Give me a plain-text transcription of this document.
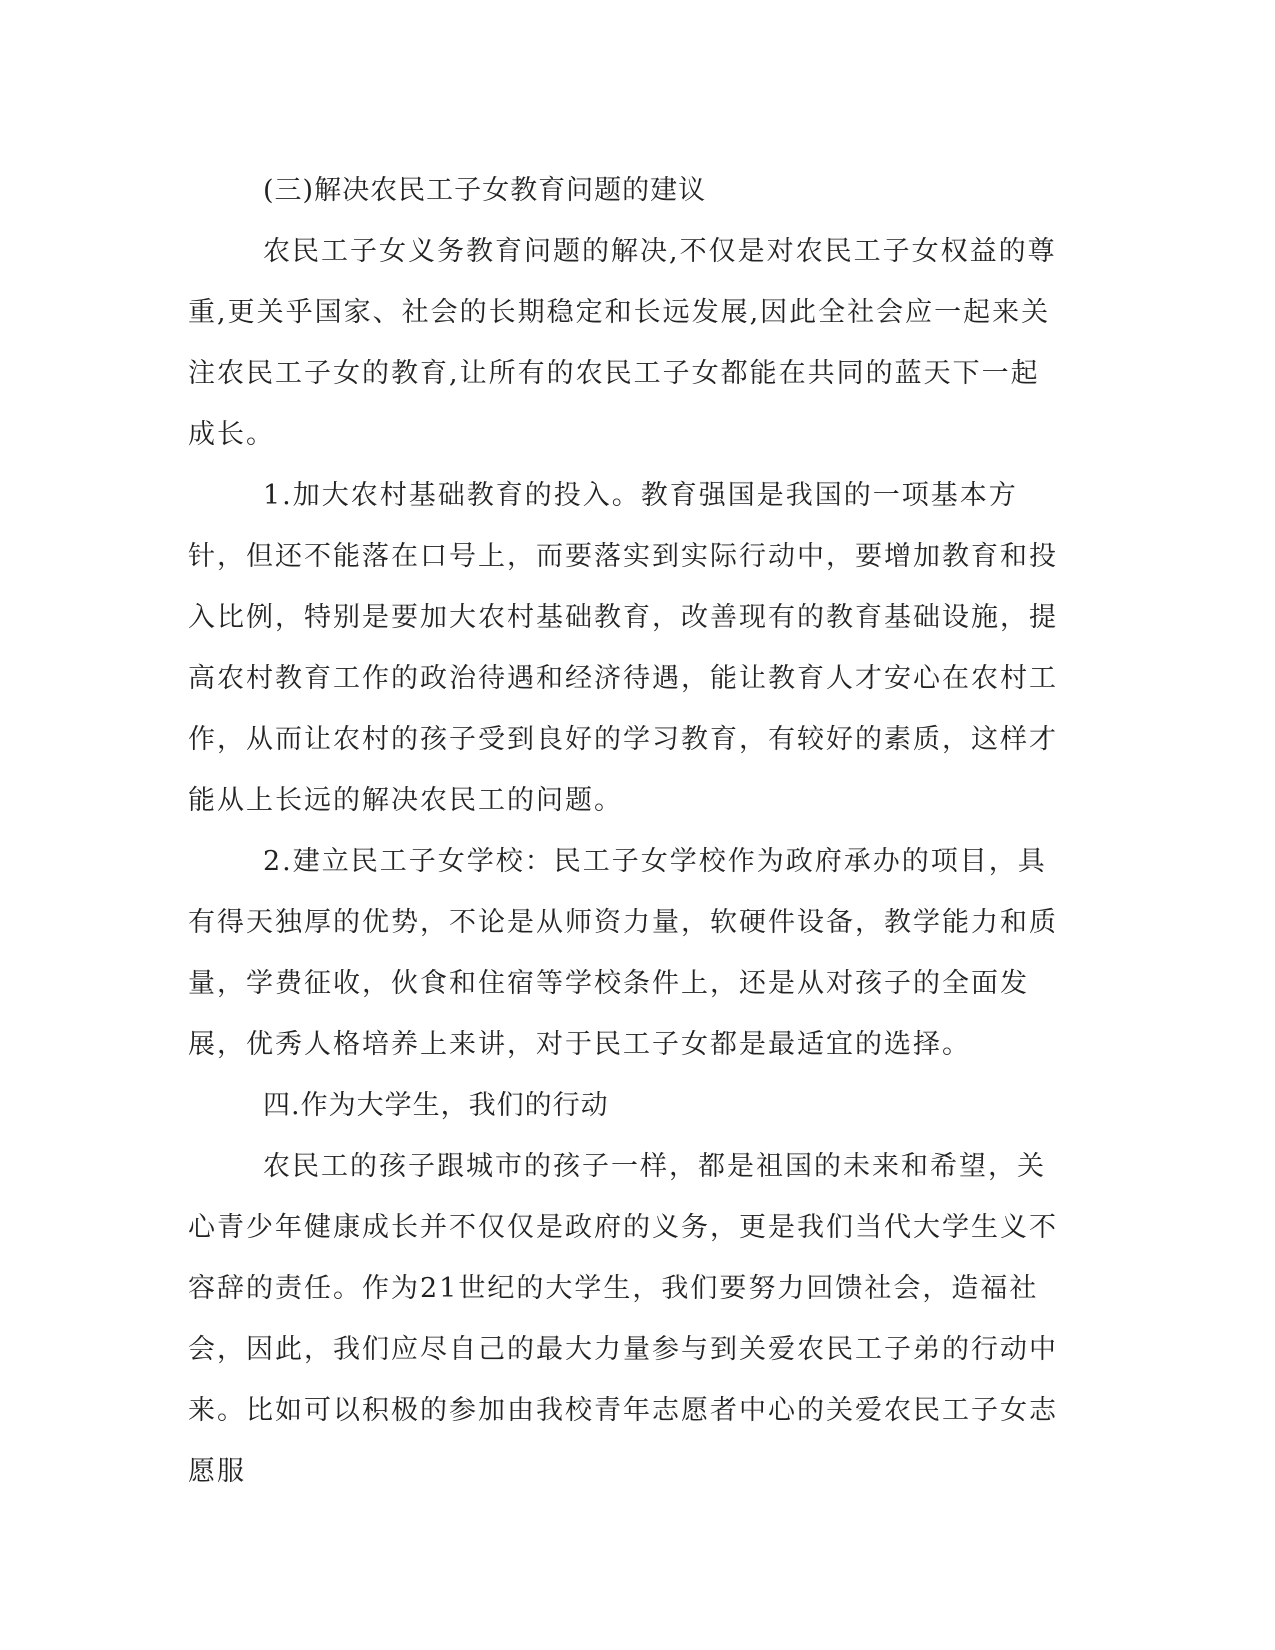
(三)解决农民工子女教育问题的建议

农民工子女义务教育问题的解决,不仅是对农民工子女权益的尊重,更关乎国家、社会的长期稳定和长远发展,因此全社会应一起来关注农民工子女的教育,让所有的农民工子女都能在共同的蓝天下一起成长。

1.加大农村基础教育的投入。教育强国是我国的一项基本方针，但还不能落在口号上，而要落实到实际行动中，要增加教育和投入比例，特别是要加大农村基础教育，改善现有的教育基础设施，提高农村教育工作的政治待遇和经济待遇，能让教育人才安心在农村工作，从而让农村的孩子受到良好的学习教育，有较好的素质，这样才能从上长远的解决农民工的问题。

2.建立民工子女学校：民工子女学校作为政府承办的项目，具有得天独厚的优势，不论是从师资力量，软硬件设备，教学能力和质量，学费征收，伙食和住宿等学校条件上，还是从对孩子的全面发展，优秀人格培养上来讲，对于民工子女都是最适宜的选择。

四.作为大学生，我们的行动

农民工的孩子跟城市的孩子一样，都是祖国的未来和希望，关心青少年健康成长并不仅仅是政府的义务，更是我们当代大学生义不容辞的责任。作为21世纪的大学生，我们要努力回馈社会，造福社会，因此，我们应尽自己的最大力量参与到关爱农民工子弟的行动中来。比如可以积极的参加由我校青年志愿者中心的关爱农民工子女志愿服
